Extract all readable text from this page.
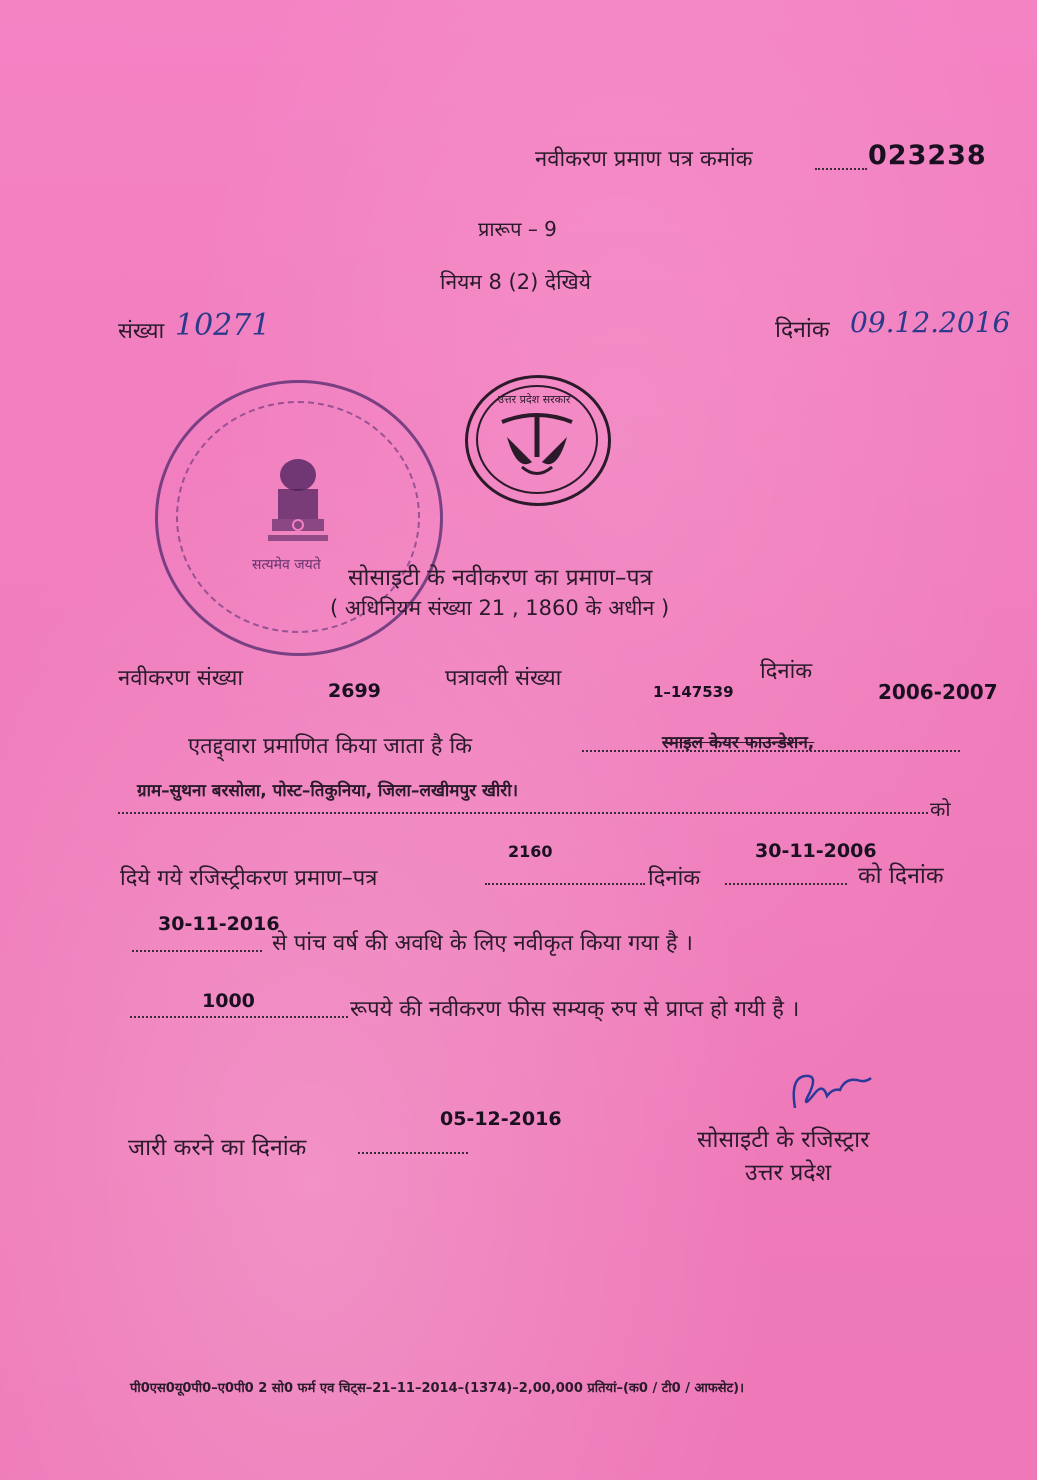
नवीकरण प्रमाण पत्र कमांक	023238
प्रारूप – 9
नियम 8 (2) देखिये
संख्या 10271	दिनांक 09.12.2016
सत्यमेव जयते
उत्तर प्रदेश सरकार
सोसाइटी के नवीकरण का प्रमाण–पत्र
( अधिनियम संख्या 21 , 1860 के अधीन )
नवीकरण संख्या	2699	पत्रावली संख्या
1–147539
दिनांक
2006-2007
एतद्द्वारा प्रमाणित किया जाता है कि	स्माइल केयर फाउन्डेशन,
ग्राम–सुथना बरसोला, पोस्ट–तिकुनिया, जिला–लखीमपुर खीरी।
को
2160	30-11-2006
दिये गये रजिस्ट्रीकरण प्रमाण–पत्र	दिनांक	को दिनांक
30-11-2016
से पांच वर्ष की अवधि के लिए नवीकृत किया गया है ।
1000	रूपये की नवीकरण फीस सम्यक् रुप से प्राप्त हो गयी है ।
05-12-2016
जारी करने का दिनांक	सोसाइटी के रजिस्ट्रार
उत्तर प्रदेश
पी0एस0यू0पी0–ए0पी0 2 सो0 फर्म एव चिट्स–21–11–2014–(1374)–2,00,000 प्रतियां–(क0 / टी0 / आफसेट)।
